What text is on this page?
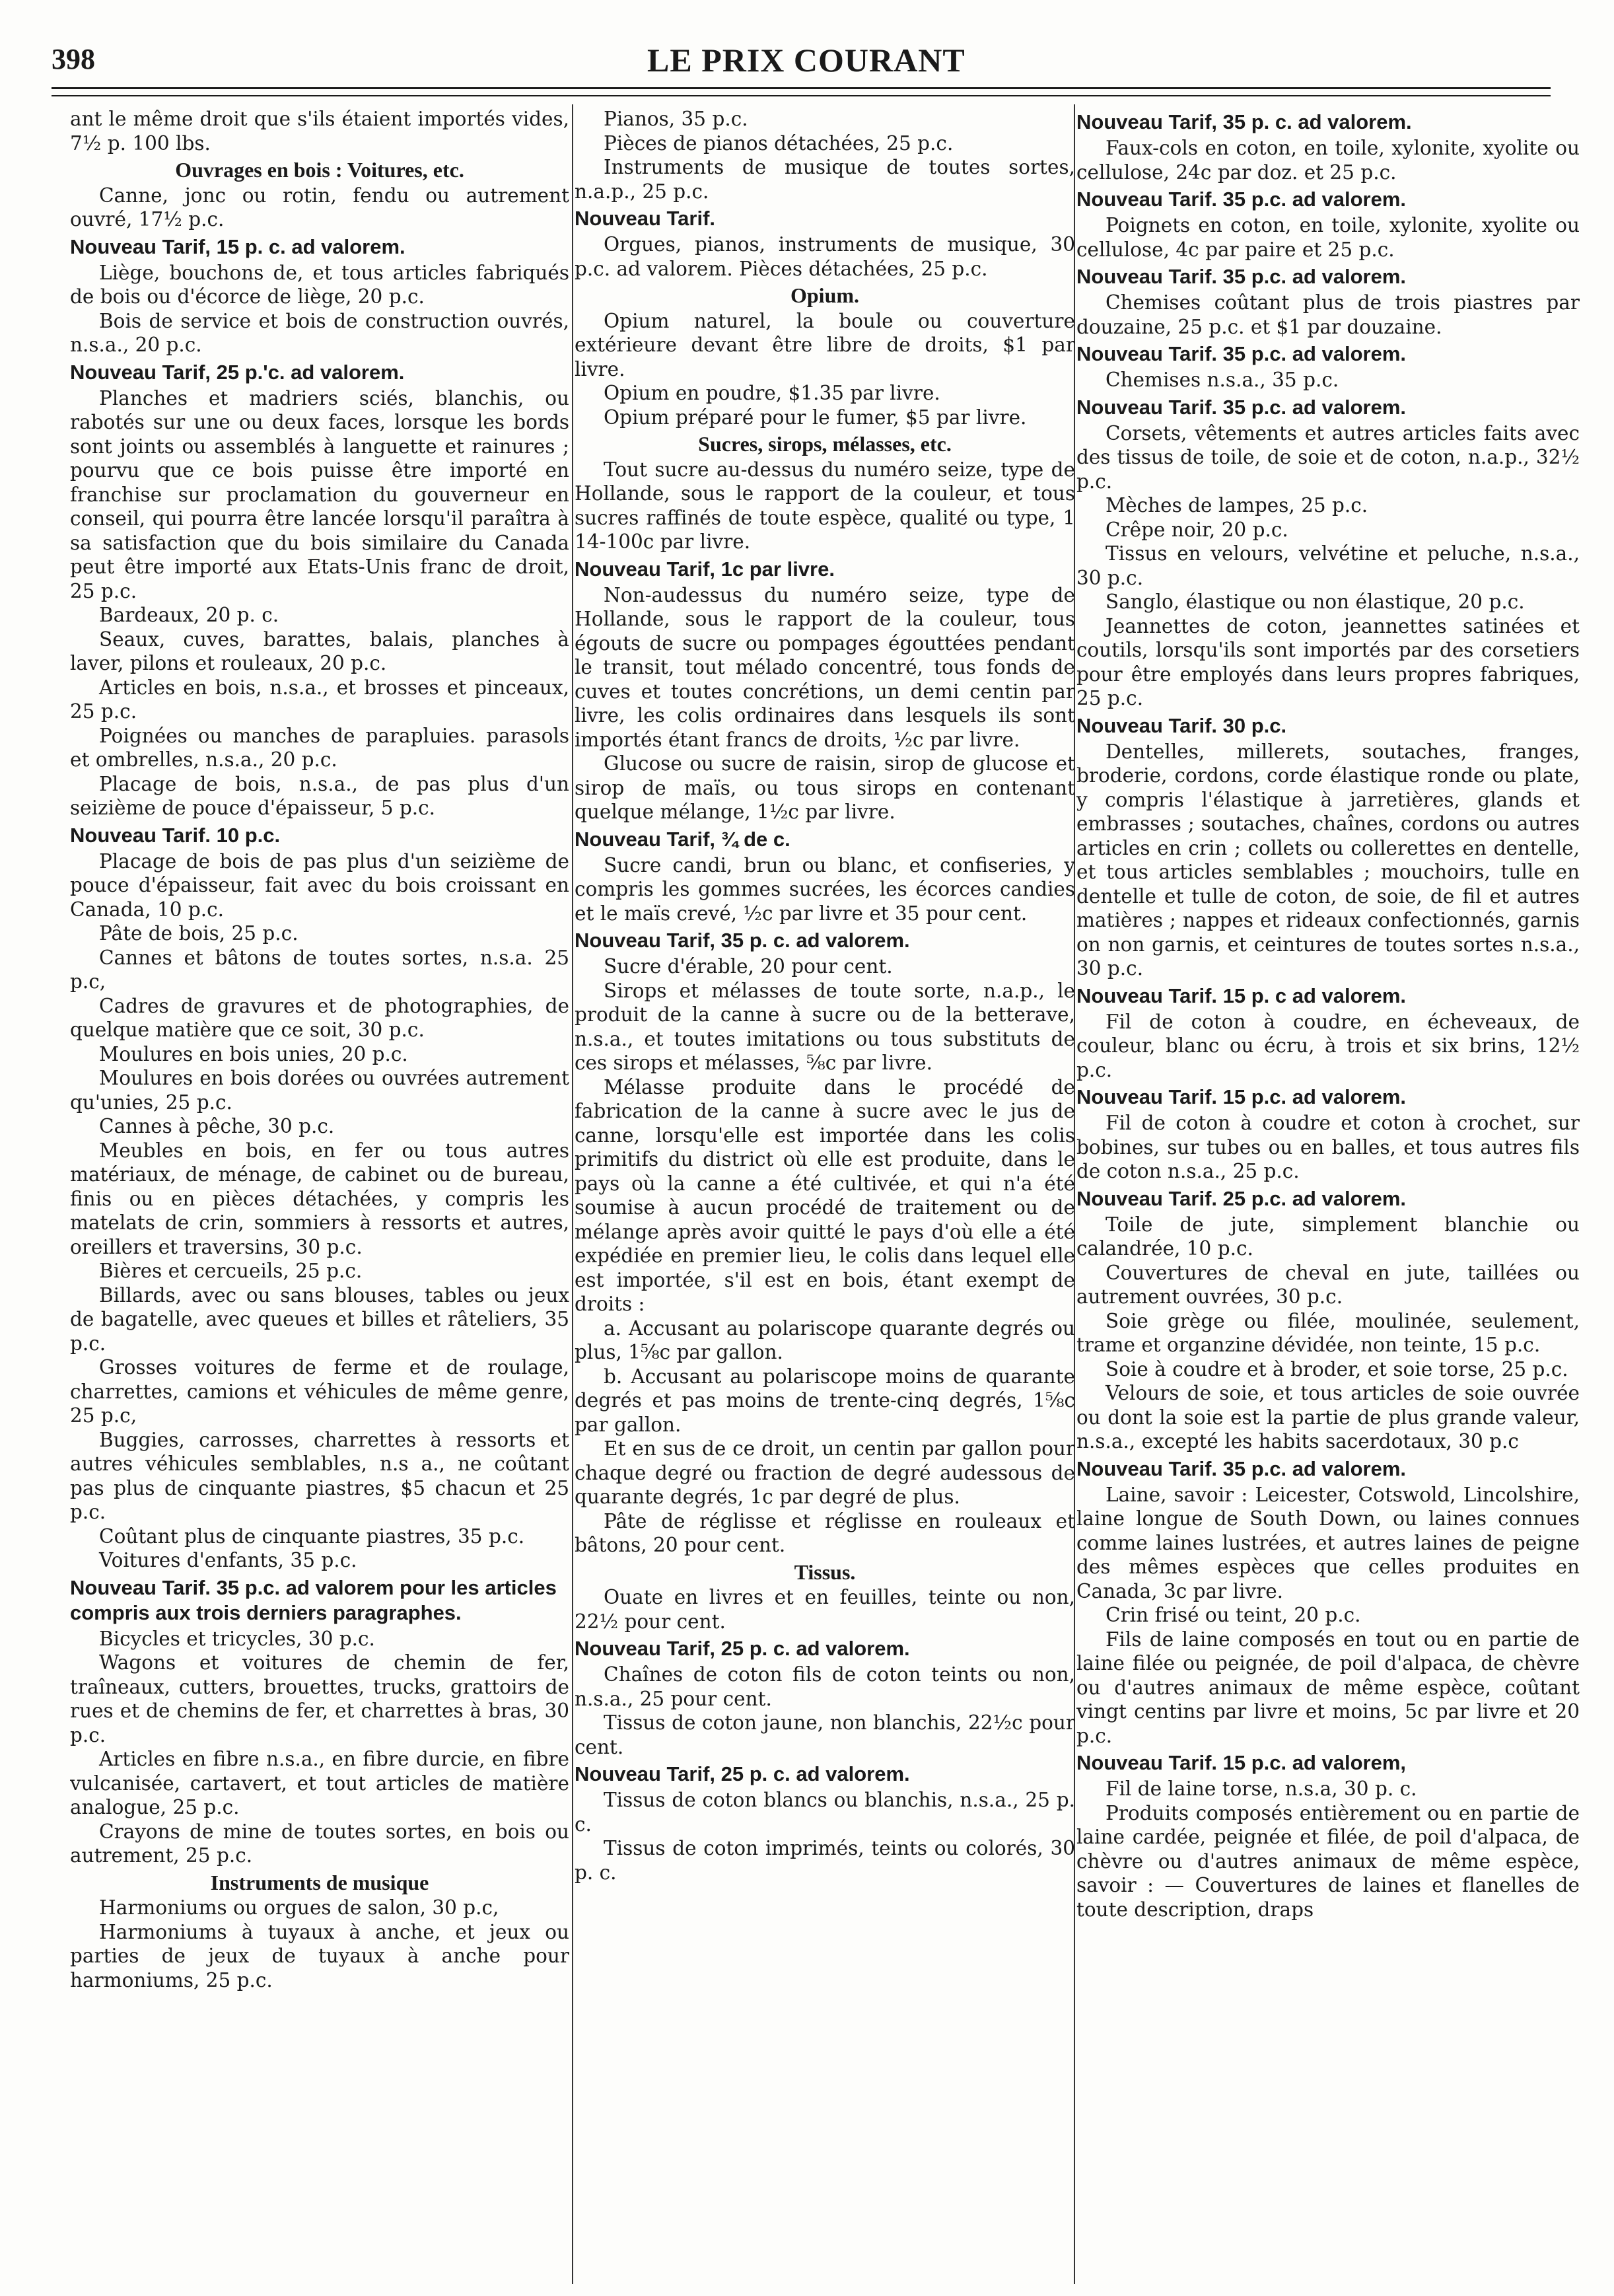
398	LE PRIX COURANT

ant le même droit que s'ils étaient importés vides, 7½ p. 100 lbs.

Ouvrages en bois : Voitures, etc.

Canne, jonc ou rotin, fendu ou autrement ouvré, 17½ p.c.

Nouveau Tarif, 15 p. c. ad valorem.

Liège, bouchons de, et tous articles fabriqués de bois ou d'écorce de liège, 20 p.c.

Bois de service et bois de construction ouvrés, n.s.a., 20 p.c.

Nouveau Tarif, 25 p.'c. ad valorem.

Planches et madriers sciés, blanchis, ou rabotés sur une ou deux faces, lorsque les bords sont joints ou assemblés à languette et rainures ; pourvu que ce bois puisse être importé en franchise sur proclamation du gouverneur en conseil, qui pourra être lancée lorsqu'il paraîtra à sa satisfaction que du bois similaire du Canada peut être importé aux Etats-Unis franc de droit, 25 p.c.

Bardeaux, 20 p. c.

Seaux, cuves, barattes, balais, planches à laver, pilons et rouleaux, 20 p.c.

Articles en bois, n.s.a., et brosses et pinceaux, 25 p.c.

Poignées ou manches de parapluies. parasols et ombrelles, n.s.a., 20 p.c.

Placage de bois, n.s.a., de pas plus d'un seizième de pouce d'épaisseur, 5 p.c.

Nouveau Tarif. 10 p.c.

Placage de bois de pas plus d'un seizième de pouce d'épaisseur, fait avec du bois croissant en Canada, 10 p.c.

Pâte de bois, 25 p.c.

Cannes et bâtons de toutes sortes, n.s.a. 25 p.c,

Cadres de gravures et de photographies, de quelque matière que ce soit, 30 p.c.

Moulures en bois unies, 20 p.c.

Moulures en bois dorées ou ouvrées autrement qu'unies, 25 p.c.

Cannes à pêche, 30 p.c.

Meubles en bois, en fer ou tous autres matériaux, de ménage, de cabinet ou de bureau, finis ou en pièces détachées, y compris les matelats de crin, sommiers à ressorts et autres, oreillers et traversins, 30 p.c.

Bières et cercueils, 25 p.c.

Billards, avec ou sans blouses, tables ou jeux de bagatelle, avec queues et billes et râteliers, 35 p.c.

Grosses voitures de ferme et de roulage, charrettes, camions et véhicules de même genre, 25 p.c,

Buggies, carrosses, charrettes à ressorts et autres véhicules semblables, n.s a., ne coûtant pas plus de cinquante piastres, $5 chacun et 25 p.c.

Coûtant plus de cinquante piastres, 35 p.c.

Voitures d'enfants, 35 p.c.

Nouveau Tarif. 35 p.c. ad valorem pour les articles compris aux trois derniers paragraphes.

Bicycles et tricycles, 30 p.c.

Wagons et voitures de chemin de fer, traîneaux, cutters, brouettes, trucks, grattoirs de rues et de chemins de fer, et charrettes à bras, 30 p.c.

Articles en fibre n.s.a., en fibre durcie, en fibre vulcanisée, cartavert, et tout articles de matière analogue, 25 p.c.

Crayons de mine de toutes sortes, en bois ou autrement, 25 p.c.

Instruments de musique

Harmoniums ou orgues de salon, 30 p.c,

Harmoniums à tuyaux à anche, et jeux ou parties de jeux de tuyaux à anche pour harmoniums, 25 p.c.

Pianos, 35 p.c.

Pièces de pianos détachées, 25 p.c.

Instruments de musique de toutes sortes, n.a.p., 25 p.c.

Nouveau Tarif.

Orgues, pianos, instruments de musique, 30 p.c. ad valorem. Pièces détachées, 25 p.c.

Opium.

Opium naturel, la boule ou couverture extérieure devant être libre de droits, $1 par livre.

Opium en poudre, $1.35 par livre.

Opium préparé pour le fumer, $5 par livre.

Sucres, sirops, mélasses, etc.

Tout sucre au-dessus du numéro seize, type de Hollande, sous le rapport de la couleur, et tous sucres raffinés de toute espèce, qualité ou type, 1 14-100c par livre.

Nouveau Tarif, 1c par livre.

Non-audessus du numéro seize, type de Hollande, sous le rapport de la couleur, tous égouts de sucre ou pompages égouttées pendant le transit, tout mélado concentré, tous fonds de cuves et toutes concrétions, un demi centin par livre, les colis ordinaires dans lesquels ils sont importés étant francs de droits, ½c par livre.

Glucose ou sucre de raisin, sirop de glucose et sirop de maïs, ou tous sirops en contenant quelque mélange, 1½c par livre.

Nouveau Tarif, ¾ de c.

Sucre candi, brun ou blanc, et confiseries, y compris les gommes sucrées, les écorces candies et le maïs crevé, ½c par livre et 35 pour cent.

Nouveau Tarif, 35 p. c. ad valorem.

Sucre d'érable, 20 pour cent.

Sirops et mélasses de toute sorte, n.a.p., le produit de la canne à sucre ou de la betterave, n.s.a., et toutes imitations ou tous substituts de ces sirops et mélasses, ⅝c par livre.

Mélasse produite dans le procédé de fabrication de la canne à sucre avec le jus de canne, lorsqu'elle est importée dans les colis primitifs du district où elle est produite, dans le pays où la canne a été cultivée, et qui n'a été soumise à aucun procédé de traitement ou de mélange après avoir quitté le pays d'où elle a été expédiée en premier lieu, le colis dans lequel elle est importée, s'il est en bois, étant exempt de droits :

a. Accusant au polariscope quarante degrés ou plus, 1⅝c par gallon.

b. Accusant au polariscope moins de quarante degrés et pas moins de trente-cinq degrés, 1⅝c par gallon.

Et en sus de ce droit, un centin par gallon pour chaque degré ou fraction de degré audessous de quarante degrés, 1c par degré de plus.

Pâte de réglisse et réglisse en rouleaux et bâtons, 20 pour cent.

Tissus.

Ouate en livres et en feuilles, teinte ou non, 22½ pour cent.

Nouveau Tarif, 25 p. c. ad valorem.

Chaînes de coton fils de coton teints ou non, n.s.a., 25 pour cent.

Tissus de coton jaune, non blanchis, 22½c pour cent.

Nouveau Tarif, 25 p. c. ad valorem.

Tissus de coton blancs ou blanchis, n.s.a., 25 p. c.

Tissus de coton imprimés, teints ou colorés, 30 p. c.

Nouveau Tarif, 35 p. c. ad valorem.

Faux-cols en coton, en toile, xylonite, xyolite ou cellulose, 24c par doz. et 25 p.c.

Nouveau Tarif. 35 p.c. ad valorem.

Poignets en coton, en toile, xylonite, xyolite ou cellulose, 4c par paire et 25 p.c.

Nouveau Tarif. 35 p.c. ad valorem.

Chemises coûtant plus de trois piastres par douzaine, 25 p.c. et $1 par douzaine.

Nouveau Tarif. 35 p.c. ad valorem.

Chemises n.s.a., 35 p.c.

Nouveau Tarif. 35 p.c. ad valorem.

Corsets, vêtements et autres articles faits avec des tissus de toile, de soie et de coton, n.a.p., 32½ p.c.

Mèches de lampes, 25 p.c.

Crêpe noir, 20 p.c.

Tissus en velours, velvétine et peluche, n.s.a., 30 p.c.

Sanglo, élastique ou non élastique, 20 p.c.

Jeannettes de coton, jeannettes satinées et coutils, lorsqu'ils sont importés par des corsetiers pour être employés dans leurs propres fabriques, 25 p.c.

Nouveau Tarif. 30 p.c.

Dentelles, millerets, soutaches, franges, broderie, cordons, corde élastique ronde ou plate, y compris l'élastique à jarretières, glands et embrasses ; soutaches, chaînes, cordons ou autres articles en crin ; collets ou collerettes en dentelle, et tous articles semblables ; mouchoirs, tulle en dentelle et tulle de coton, de soie, de fil et autres matières ; nappes et rideaux confectionnés, garnis on non garnis, et ceintures de toutes sortes n.s.a., 30 p.c.

Nouveau Tarif. 15 p. c ad valorem.

Fil de coton à coudre, en écheveaux, de couleur, blanc ou écru, à trois et six brins, 12½ p.c.

Nouveau Tarif. 15 p.c. ad valorem.

Fil de coton à coudre et coton à crochet, sur bobines, sur tubes ou en balles, et tous autres fils de coton n.s.a., 25 p.c.

Nouveau Tarif. 25 p.c. ad valorem.

Toile de jute, simplement blanchie ou calandrée, 10 p.c.

Couvertures de cheval en jute, taillées ou autrement ouvrées, 30 p.c.

Soie grège ou filée, moulinée, seulement, trame et organzine dévidée, non teinte, 15 p.c.

Soie à coudre et à broder, et soie torse, 25 p.c.

Velours de soie, et tous articles de soie ouvrée ou dont la soie est la partie de plus grande valeur, n.s.a., excepté les habits sacerdotaux, 30 p.c

Nouveau Tarif. 35 p.c. ad valorem.

Laine, savoir : Leicester, Cotswold, Lincolshire, laine longue de South Down, ou laines connues comme laines lustrées, et autres laines de peigne des mêmes espèces que celles produites en Canada, 3c par livre.

Crin frisé ou teint, 20 p.c.

Fils de laine composés en tout ou en partie de laine filée ou peignée, de poil d'alpaca, de chèvre ou d'autres animaux de même espèce, coûtant vingt centins par livre et moins, 5c par livre et 20 p.c.

Nouveau Tarif. 15 p.c. ad valorem,

Fil de laine torse, n.s.a, 30 p. c.

Produits composés entièrement ou en partie de laine cardée, peignée et filée, de poil d'alpaca, de chèvre ou d'autres animaux de même espèce, savoir : — Couvertures de laines et flanelles de toute description, draps
